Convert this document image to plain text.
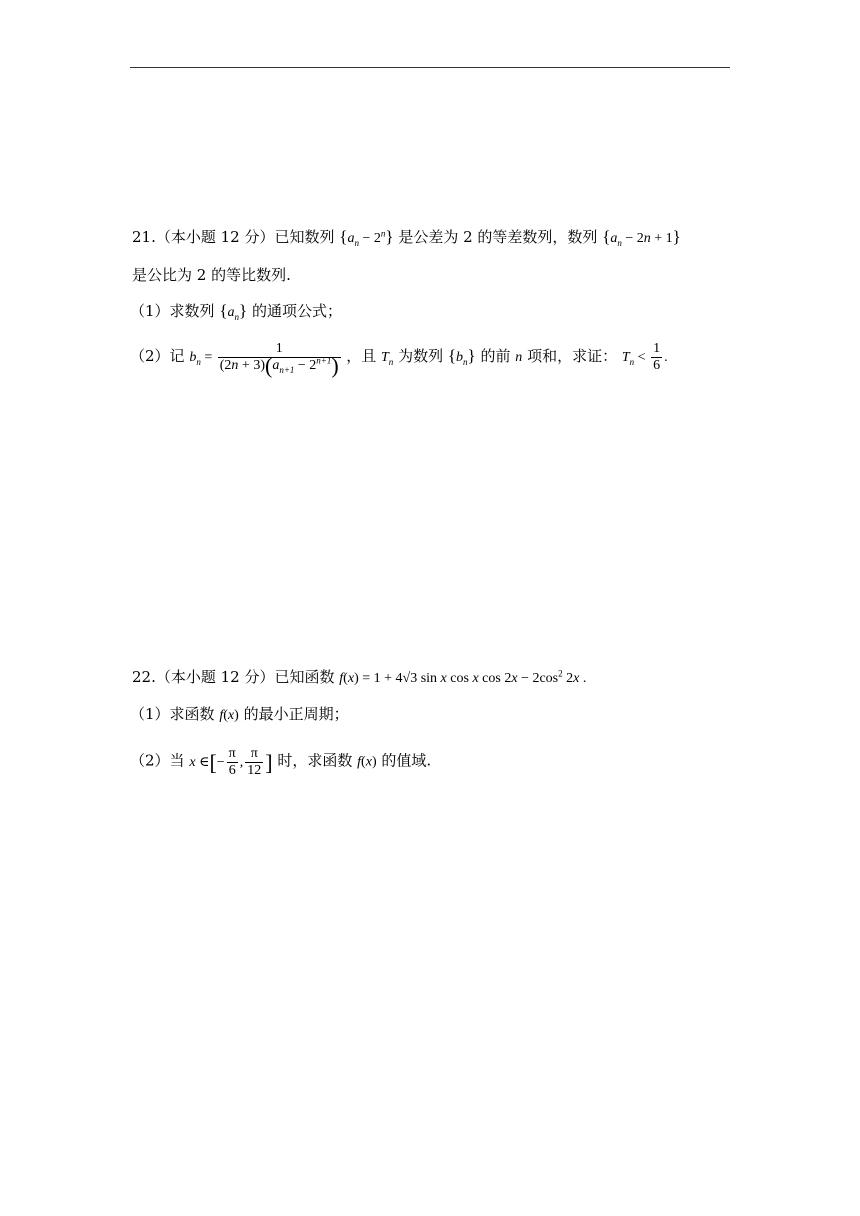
21.（本小题 12 分）已知数列 $\{a_n - 2^n\}$ 是公差为 2 的等差数列，数列 $\{a_n - 2n + 1\}$
是公比为 2 的等比数列.
（1）求数列 $\{a_n\}$ 的通项公式；
（2）记 $b_n = \frac{1}{(2n + 3)(a_{n+1} - 2^{n+1})}$ ，且 $T_n$ 为数列 $\{b_n\}$ 的前 n 项和，求证： $T_n < \frac{1}{6}$ .
22.（本小题 12 分）已知函数 f(x) = 1 + 4√3 sin x cos x $\cos 2x - 2\cos^2$ 2x .
（1）求函数 f(x) 的最小正周期；
（2）当 x ∈[− $\frac{\pi}{6}$ , $\frac{\pi}{12}$ ] 时，求函数 f(x) 的值域.
